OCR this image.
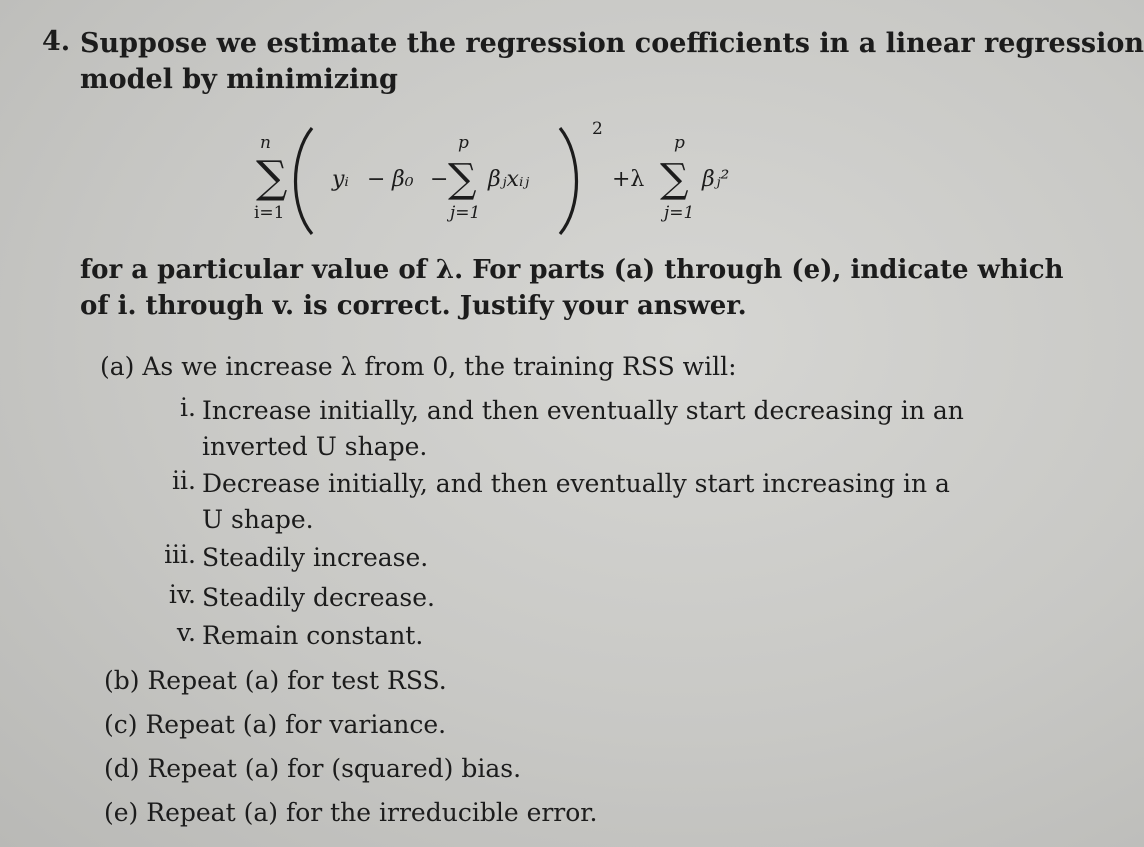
4. Suppose we estimate the regression coefficients in a linear regression
model by minimizing
n
∑
i=1
yᵢ − β₀ −
p
∑
j=1
βⱼxᵢⱼ
2
+λ
p
∑
j=1
βⱼ²
for a particular value of λ. For parts (a) through (e), indicate which
of i. through v. is correct. Justify your answer.
(a) As we increase λ from 0, the training RSS will:
i. Increase initially, and then eventually start decreasing in an
inverted U shape.
ii. Decrease initially, and then eventually start increasing in a
U shape.
iii. Steadily increase.
iv. Steadily decrease.
v. Remain constant.
(b) Repeat (a) for test RSS.
(c) Repeat (a) for variance.
(d) Repeat (a) for (squared) bias.
(e) Repeat (a) for the irreducible error.
